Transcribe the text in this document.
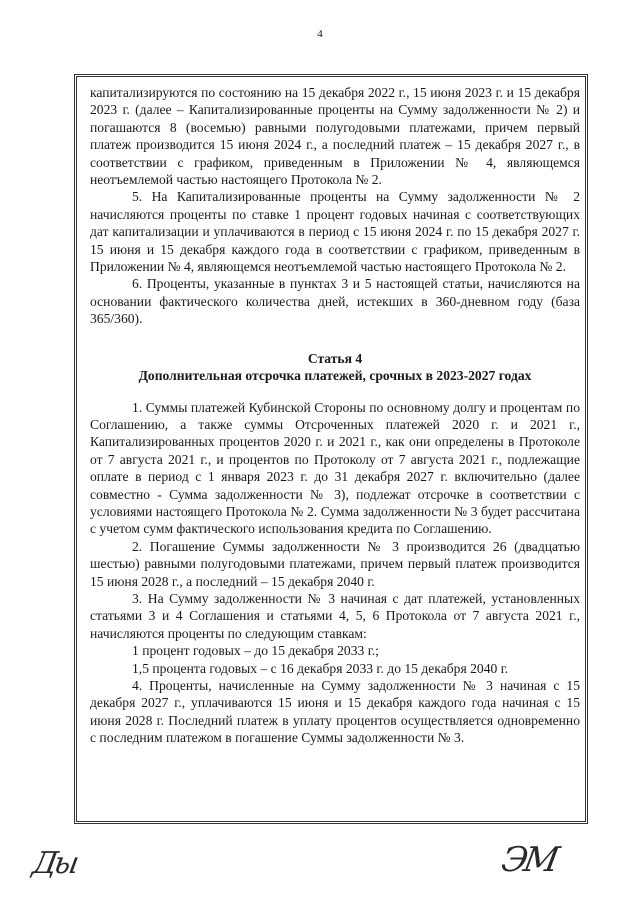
4

капитализируются по состоянию на 15 декабря 2022 г., 15 июня 2023 г. и 15 декабря 2023 г. (далее – Капитализированные проценты на Сумму задолженности № 2) и погашаются 8 (восемью) равными полугодовыми платежами, причем первый платеж производится 15 июня 2024 г., а последний платеж – 15 декабря 2027 г., в соответствии с графиком, приведенным в Приложении № 4, являющемся неотъемлемой частью настоящего Протокола № 2.

5. На Капитализированные проценты на Сумму задолженности № 2 начисляются проценты по ставке 1 процент годовых начиная с соответствующих дат капитализации и уплачиваются в период с 15 июня 2024 г. по 15 декабря 2027 г. 15 июня и 15 декабря каждого года в соответствии с графиком, приведенным в Приложении № 4, являющемся неотъемлемой частью настоящего Протокола № 2.

6. Проценты, указанные в пунктах 3 и 5 настоящей статьи, начисляются на основании фактического количества дней, истекших в 360-дневном году (база 365/360).

Статья 4

Дополнительная отсрочка платежей, срочных в 2023-2027 годах

1. Суммы платежей Кубинской Стороны по основному долгу и процентам по Соглашению, а также суммы Отсроченных платежей 2020 г. и 2021 г., Капитализированных процентов 2020 г. и 2021 г., как они определены в Протоколе от 7 августа 2021 г., и процентов по Протоколу от 7 августа 2021 г., подлежащие оплате в период с 1 января 2023 г. до 31 декабря 2027 г. включительно (далее совместно - Сумма задолженности № 3), подлежат отсрочке в соответствии с условиями настоящего Протокола № 2. Сумма задолженности № 3 будет рассчитана с учетом сумм фактического использования кредита по Соглашению.

2. Погашение Суммы задолженности № 3 производится 26 (двадцатью шестью) равными полугодовыми платежами, причем первый платеж производится 15 июня 2028 г., а последний – 15 декабря 2040 г.

3. На Сумму задолженности № 3 начиная с дат платежей, установленных статьями 3 и 4 Соглашения и статьями 4, 5, 6 Протокола от 7 августа 2021 г., начисляются проценты по следующим ставкам:

1 процент годовых – до 15 декабря 2033 г.;

1,5 процента годовых – с 16 декабря 2033 г. до 15 декабря 2040 г.

4. Проценты, начисленные на Сумму задолженности № 3 начиная с 15 декабря 2027 г., уплачиваются 15 июня и 15 декабря каждого года начиная с 15 июня 2028 г. Последний платеж в уплату процентов осуществляется одновременно с последним платежом в погашение Суммы задолженности № 3.

Ды	ЭМ
